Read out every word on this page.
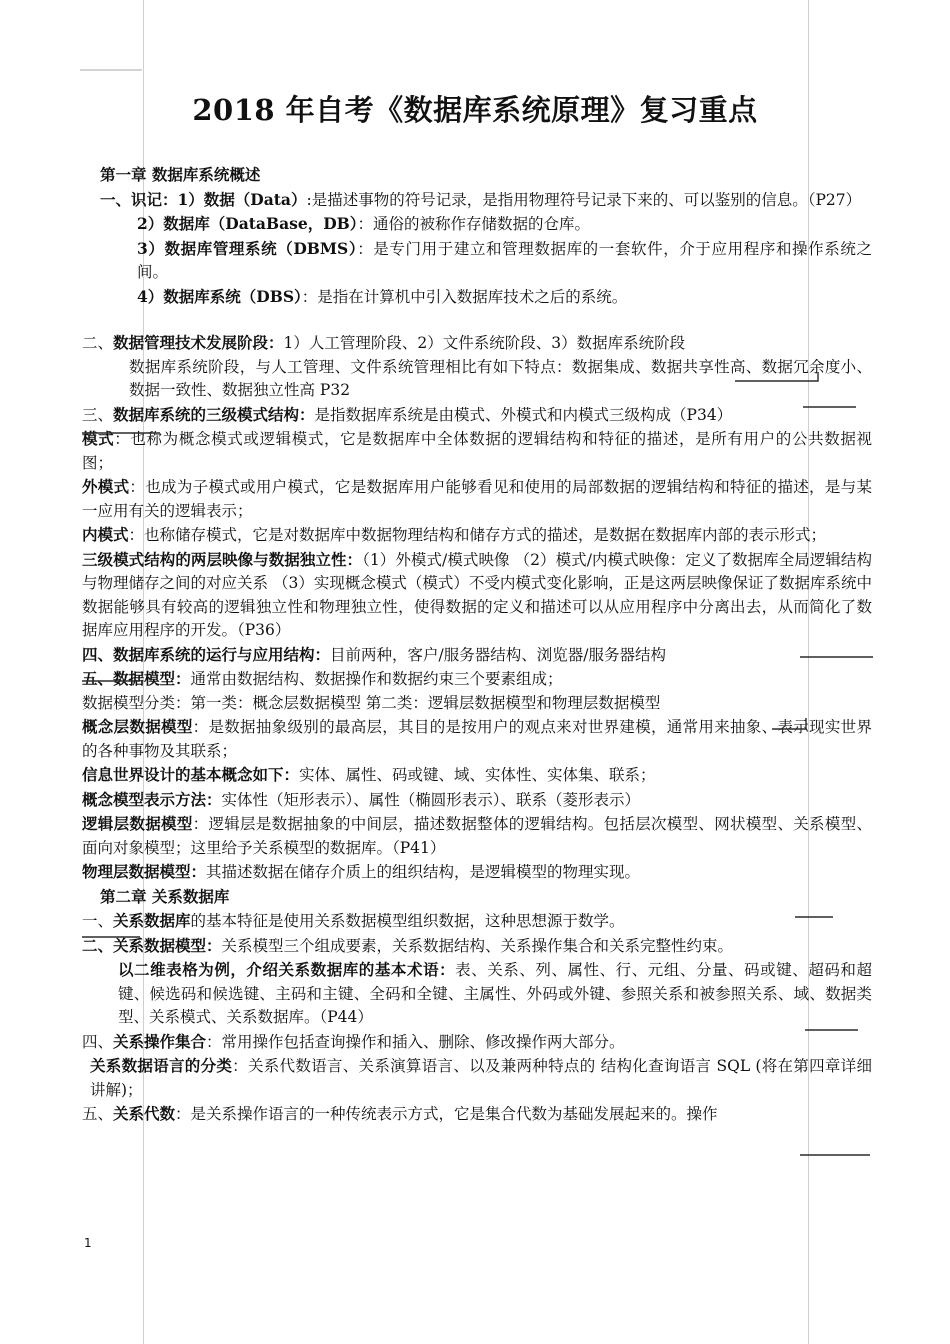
2018 年自考《数据库系统原理》复习重点

第一章 数据库系统概述

一、识记：1）数据（Data）:是描述事物的符号记录，是指用物理符号记录下来的、可以鉴别的信息。（P27）

2）数据库（DataBase，DB）：通俗的被称作存储数据的仓库。

3）数据库管理系统（DBMS）：是专门用于建立和管理数据库的一套软件，介于应用程序和操作系统之间。

4）数据库系统（DBS）：是指在计算机中引入数据库技术之后的系统。

二、数据管理技术发展阶段：1）人工管理阶段、2）文件系统阶段、3）数据库系统阶段

数据库系统阶段，与人工管理、文件系统管理相比有如下特点：数据集成、数据共享性高、数据冗余度小、数据一致性、数据独立性高 P32

三、数据库系统的三级模式结构：是指数据库系统是由模式、外模式和内模式三级构成（P34）

模式：也称为概念模式或逻辑模式，它是数据库中全体数据的逻辑结构和特征的描述，是所有用户的公共数据视图；

外模式：也成为子模式或用户模式，它是数据库用户能够看见和使用的局部数据的逻辑结构和特征的描述，是与某一应用有关的逻辑表示；

内模式：也称储存模式，它是对数据库中数据物理结构和储存方式的描述，是数据在数据库内部的表示形式；

三级模式结构的两层映像与数据独立性：（1）外模式/模式映像 （2）模式/内模式映像：定义了数据库全局逻辑结构与物理储存之间的对应关系 （3）实现概念模式（模式）不受内模式变化影响，正是这两层映像保证了数据库系统中数据能够具有较高的逻辑独立性和物理独立性，使得数据的定义和描述可以从应用程序中分离出去，从而简化了数据库应用程序的开发。（P36）

四、数据库系统的运行与应用结构：目前两种，客户/服务器结构、浏览器/服务器结构

五、数据模型：通常由数据结构、数据操作和数据约束三个要素组成；

数据模型分类：第一类：概念层数据模型 第二类：逻辑层数据模型和物理层数据模型

概念层数据模型：是数据抽象级别的最高层，其目的是按用户的观点来对世界建模，通常用来抽象、表示现实世界的各种事物及其联系；

信息世界设计的基本概念如下：实体、属性、码或键、域、实体性、实体集、联系；

概念模型表示方法：实体性（矩形表示）、属性（椭圆形表示）、联系（菱形表示）

逻辑层数据模型：逻辑层是数据抽象的中间层，描述数据整体的逻辑结构。包括层次模型、网状模型、关系模型、面向对象模型；这里给予关系模型的数据库。（P41）

物理层数据模型：其描述数据在储存介质上的组织结构，是逻辑模型的物理实现。

第二章 关系数据库

一、关系数据库的基本特征是使用关系数据模型组织数据，这种思想源于数学。

二、关系数据模型：关系模型三个组成要素，关系数据结构、关系操作集合和关系完整性约束。

以二维表格为例，介绍关系数据库的基本术语：表、关系、列、属性、行、元组、分量、码或键、超码和超键、候选码和候选键、主码和主键、全码和全键、主属性、外码或外键、参照关系和被参照关系、域、数据类型、关系模式、关系数据库。（P44）

四、关系操作集合：常用操作包括查询操作和插入、删除、修改操作两大部分。

关系数据语言的分类：关系代数语言、关系演算语言、以及兼两种特点的 结构化查询语言 SQL (将在第四章详细讲解)；

五、关系代数：是关系操作语言的一种传统表示方式，它是集合代数为基础发展起来的。操作

1
